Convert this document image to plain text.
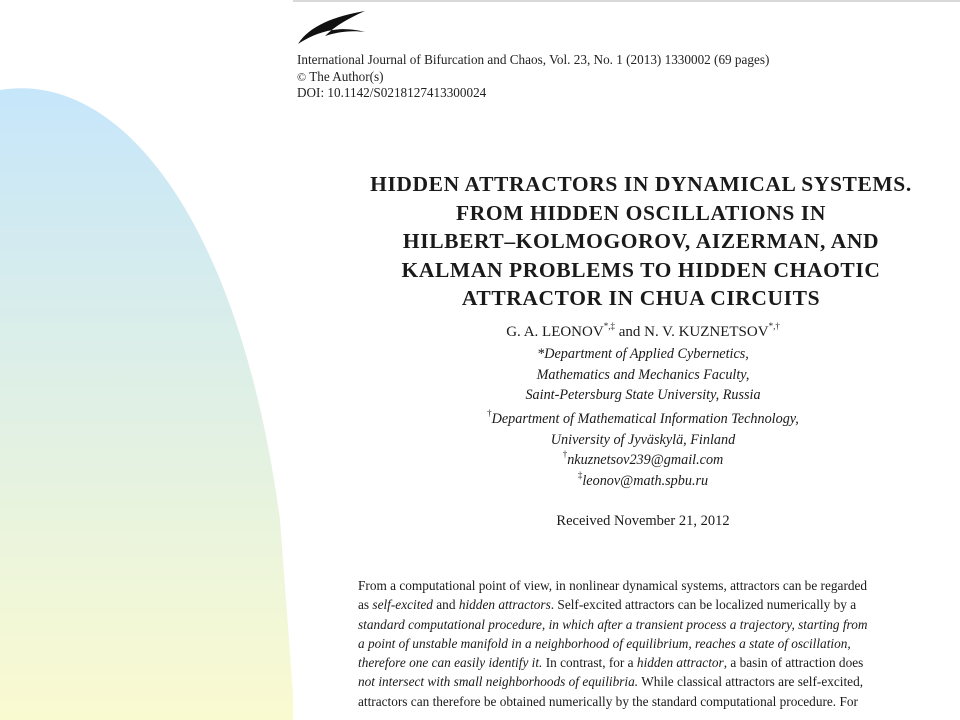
International Journal of Bifurcation and Chaos, Vol. 23, No. 1 (2013) 1330002 (69 pages)
© The Author(s)
DOI: 10.1142/S0218127413300024
HIDDEN ATTRACTORS IN DYNAMICAL SYSTEMS.
FROM HIDDEN OSCILLATIONS IN
HILBERT–KOLMOGOROV, AIZERMAN, AND
KALMAN PROBLEMS TO HIDDEN CHAOTIC
ATTRACTOR IN CHUA CIRCUITS
G. A. LEONOV*,‡ and N. V. KUZNETSOV*,†
*Department of Applied Cybernetics,
Mathematics and Mechanics Faculty,
Saint-Petersburg State University, Russia
†Department of Mathematical Information Technology,
University of Jyväskylä, Finland
†nkuznetsov239@gmail.com
‡leonov@math.spbu.ru
Received November 21, 2012
From a computational point of view, in nonlinear dynamical systems, attractors can be regarded
as self-excited and hidden attractors. Self-excited attractors can be localized numerically by a
standard computational procedure, in which after a transient process a trajectory, starting from
a point of unstable manifold in a neighborhood of equilibrium, reaches a state of oscillation,
therefore one can easily identify it. In contrast, for a hidden attractor, a basin of attraction does
not intersect with small neighborhoods of equilibria. While classical attractors are self-excited,
attractors can therefore be obtained numerically by the standard computational procedure. For
